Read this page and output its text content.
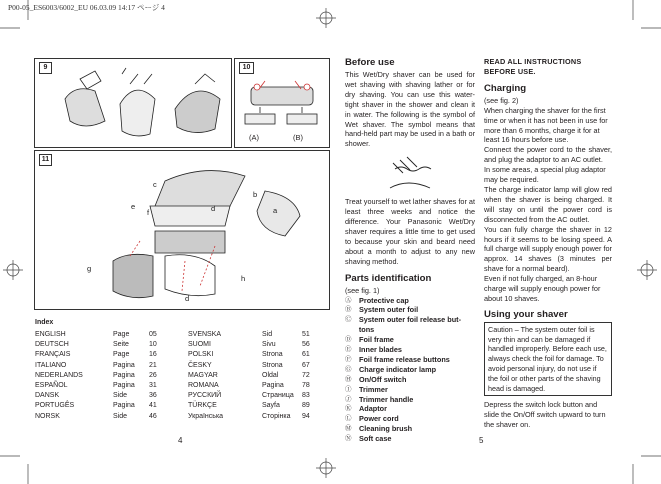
P00-05_ES6003/6002_EU 06.03.09 14:17 ページ 4
9	10
(A)	(B)
11
c
e
f	d
b
a
g
h
d
Index
ENGLISH	Page	05
DEUTSCH	Seite	10
FRANÇAIS	Page	16
ITALIANO	Pagina	21
NEDERLANDS	Pagina	26
ESPAÑOL	Pagina	31
DANSK	Side	36
PORTUGÊS	Pagina	41
NORSK	Side	46
SVENSKA	Sid	51
SUOMI	Sivu	56
POLSKI	Strona	61
ČESKY	Strona	67
MAGYAR	Oldal	72
ROMANA	Pagina	78
РУССКИЙ	Страница	83
TÜRKÇE	Sayfa	89
Українська	Сторінка	94
4
Before use

This Wet/Dry shaver can be used for wet shaving with shaving lather or for dry shaving. You can use this water-tight shaver in the shower and clean it in water. The following is the symbol of Wet shaver. The symbol means that hand-held part may be used in a bath or shower.

Treat yourself to wet lather shaves for at least three weeks and notice the difference. Your Panasonic Wet/Dry shaver requires a little time to get used to because your skin and beard need about a month to adjust to any new shaving method.

Parts identification

(see fig. 1)

Ⓐ	Protective cap
Ⓑ	System outer foil
Ⓒ	System outer foil release but-tons
Ⓓ	Foil frame
Ⓔ	Inner blades
Ⓕ	Foil frame release buttons
Ⓖ	Charge indicator lamp
Ⓗ	On/Off switch
Ⓘ	Trimmer
Ⓙ	Trimmer handle
Ⓚ	Adaptor
Ⓛ	Power cord
Ⓜ	Cleaning brush
Ⓝ	Soft case	5

READ ALL INSTRUCTIONS BEFORE USE.

Charging

(see fig. 2)

When charging the shaver for the first time or when it has not been in use for more than 6 months, charge it for at least 16 hours before use.

Connect the power cord to the shaver, and plug the adaptor to an AC outlet.

In some areas, a special plug adaptor may be required.

The charge indicator lamp will glow red when the shaver is being charged. It will stay on until the power cord is disconnected from the AC outlet.

You can fully charge the shaver in 12 hours if it seems to be losing speed. A full charge will supply enough power for approx. 14 shaves (3 minutes per shave for a normal beard).

Even if not fully charged, an 8-hour charge will supply enough power for about 10 shaves.

Using your shaver
Caution – The system outer foil is very thin and can be damaged if handled improperly. Before each use, always check the foil for damage. To avoid personal injury, do not use if the foil or other parts of the shaving head is damaged.

Depress the switch lock button and slide the On/Off switch upward to turn the shaver on.
